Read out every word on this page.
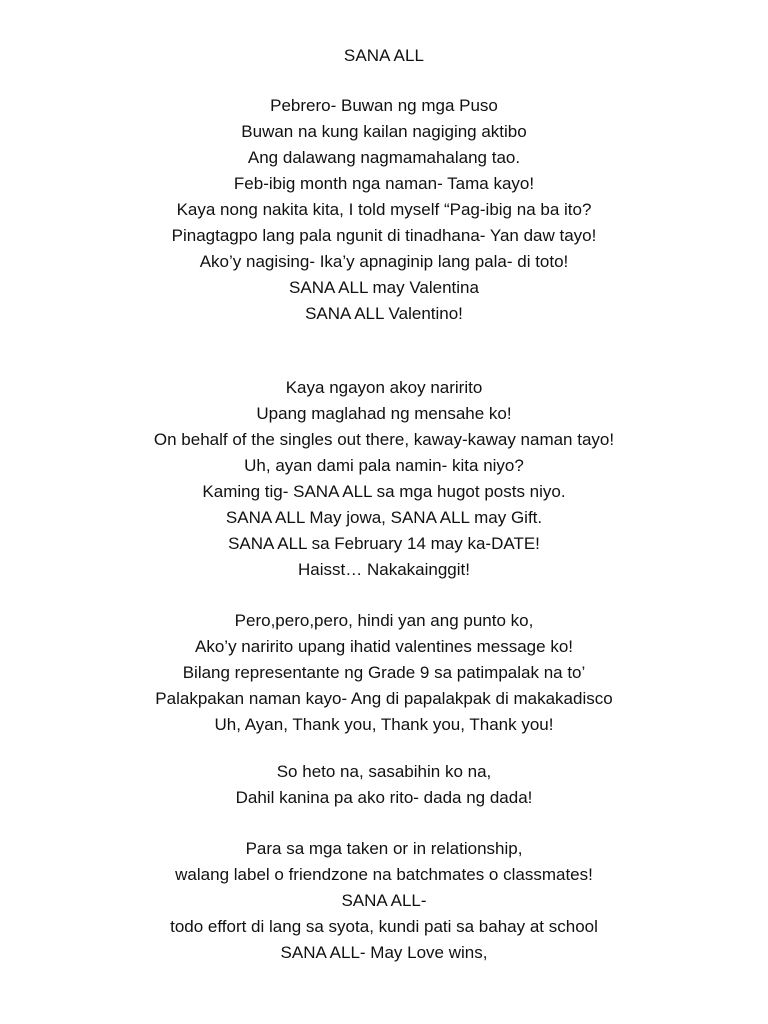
SANA ALL
Pebrero- Buwan ng mga Puso
Buwan na kung kailan nagiging aktibo
Ang dalawang nagmamahalang tao.
Feb-ibig month nga naman- Tama kayo!
Kaya nong nakita kita, I told myself “Pag-ibig na ba ito?
Pinagtagpo lang pala ngunit di tinadhana- Yan daw tayo!
Ako’y nagising- Ika’y apnaginip lang pala- di toto!
SANA ALL may Valentina
SANA ALL Valentino!
Kaya ngayon akoy naririto
Upang maglahad ng mensahe ko!
On behalf of the singles out there, kaway-kaway naman tayo!
Uh, ayan dami pala namin- kita niyo?
Kaming tig- SANA ALL sa mga hugot posts niyo.
SANA ALL May jowa, SANA ALL may Gift.
SANA ALL sa February 14 may ka-DATE!
Haisst… Nakakainggit!
Pero,pero,pero, hindi yan ang punto ko,
Ako’y naririto upang ihatid valentines message ko!
Bilang representante ng Grade 9 sa patimpalak na to’
Palakpakan naman kayo- Ang di papalakpak di makakadisco
Uh, Ayan, Thank you, Thank you, Thank you!
So heto na, sasabihin ko na,
Dahil kanina pa ako rito- dada ng dada!
Para sa mga taken or in relationship,
walang label o friendzone na batchmates o classmates!
SANA ALL-
todo effort di lang sa syota, kundi pati sa bahay at school
SANA ALL- May Love wins,
